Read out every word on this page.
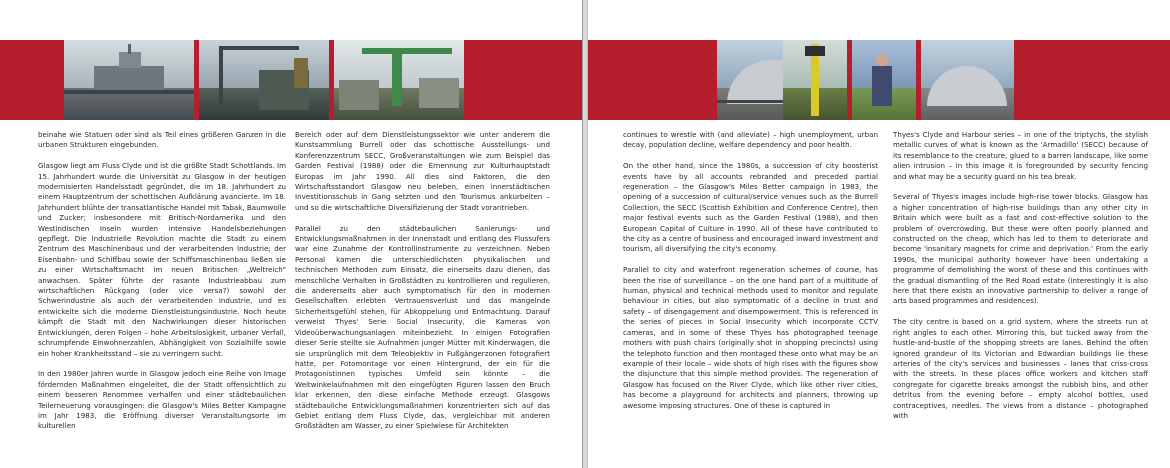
beinahe wie Statuen oder sind als Teil eines größeren Ganzen in die urbanen Strukturen eingebunden.

Glasgow liegt am Fluss Clyde und ist die größte Stadt Schottlands. Im 15. Jahrhundert wurde die Universität zu Glasgow in der heutigen modernisierten Handelsstadt gegründet, die im 18. Jahrhundert zu einem Hauptzentrum der schottischen Aufklärung avancierte. Im 18. Jahrhundert blühte der transatlantische Handel mit Tabak, Baumwolle und Zucker; insbesondere mit Britisch-Nordamerika und den Westindischen Inseln wurden intensive Handelsbeziehungen gepflegt. Die Industrielle Revolution machte die Stadt zu einem Zentrum des Maschinenbaus und der verarbeitenden Industrie; der Eisenbahn- und Schiffbau sowie der Schiffsmaschinenbau ließen sie zu einer Wirtschaftsmacht im neuen Britischen „Weltreich" anwachsen. Später führte der rasante Industrieabbau zum wirtschaftlichen Rückgang (oder vice versa?) sowohl der Schwerindustrie als auch der verarbeitenden Industrie, und es entwickelte sich die moderne Dienstleistungsindustrie. Noch heute kämpft die Stadt mit den Nachwirkungen dieser historischen Entwicklungen, deren Folgen – hohe Arbeitslosigkeit, urbaner Verfall, schrumpfende Einwohnerzahlen, Abhängigkeit von Sozialhilfe sowie ein hoher Krankheitsstand – sie zu verringern sucht.

In den 1980er Jahren wurde in Glasgow jedoch eine Reihe von Image fördernden Maßnahmen eingeleitet, die der Stadt offensichtlich zu einem besseren Renommee verhalfen und einer städtebaulichen Teilerneuerung vorausgingen: die Glasgow's Miles Better Kampagne im Jahr 1983, die Eröffnung diverser Veranstaltungsorte im kulturellen

Bereich oder auf dem Dienstleistungssektor wie unter anderem die Kunstsammlung Burrell oder das schottische Ausstellungs- und Konferenzzentrum SECC, Großveranstaltungen wie zum Beispiel das Garden Festival (1988) oder die Ernennung zur Kulturhauptstadt Europas im Jahr 1990. All dies sind Faktoren, die den Wirtschaftsstandort Glasgow neu beleben, einen innerstädtischen Investitionsschub in Gang setzten und den Tourismus ankurbelten – und so die wirtschaftliche Diversifizierung der Stadt vorantrieben.

Parallel zu den städtebaulichen Sanierungs- und Entwicklungsmaßnahmen in der Innenstadt und entlang des Flussufers war eine Zunahme der Kontrollinstrumente zu verzeichnen. Neben Personal kamen die unterschiedlichsten physikalischen und technischen Methoden zum Einsatz, die einerseits dazu dienen, das menschliche Verhalten in Großstädten zu kontrollieren und regulieren, die andererseits aber auch symptomatisch für den in modernen Gesellschaften erlebten Vertrauensverlust und das mangelnde Sicherheitsgefühl stehen, für Abkoppelung und Entmachtung. Darauf verweist Thyes' Serie Social Insecurity, die Kameras von Videoüberwachungsanlagen miteinbezieht. In einigen Fotografien dieser Serie stellte sie Aufnahmen junger Mütter mit Kinderwagen, die sie ursprünglich mit dem Teleobjektiv in Fußgängerzonen fotografiert hatte, per Fotomontage vor einen Hintergrund, der ein für die Protagonistinnen typisches Umfeld sein könnte – die Weitwinkelaufnahmen mit den eingefügten Figuren lassen den Bruch klar erkennen, den diese einfache Methode erzeugt. Glasgows städtebauliche Entwicklungsmaßnahmen konzentrierten sich auf das Gebiet entlang dem Fluss Clyde, das, vergleichbar mit anderen Großstädten am Wasser, zu einer Spielwiese für Architekten

continues to wrestle with (and alleviate) – high unemployment, urban decay, population decline, welfare dependency and poor health.

On the other hand, since the 1980s, a succession of city boosterist events have by all accounts rebranded and preceded partial regeneration – the Glasgow's Miles Better campaign in 1983, the opening of a succession of cultural/service venues such as the Burrell Collection, the SECC (Scottish Exhibition and Conference Centre), then major festival events such as the Garden Festival (1988), and then European Capital of Culture in 1990. All of these have contributed to the city as a centre of business and encouraged inward investment and tourism, all diversifying the city's economy.

Parallel to city and waterfront regeneration schemes of course, has been the rise of surveillance – on the one hand part of a multitude of human, physical and technical methods used to monitor and regulate behaviour in cities, but also symptomatic of a decline in trust and safety – of disengagement and disempowerment. This is referenced in the series of pieces in Social Insecurity which incorporate CCTV cameras, and in some of these Thyes has photographed teenage mothers with push chairs (originally shot in shopping precincts) using the telephoto function and then montaged these onto what may be an example of their locale – wide shots of high rises with the figures show the disjuncture that this simple method provides. The regeneration of Glasgow has focused on the River Clyde, which like other river cities, has become a playground for architects and planners, throwing up awesome imposing structures. One of these is captured in

Thyes's Clyde and Harbour series – in one of the triptychs, the stylish metallic curves of what is known as the 'Armadillo' (SECC) because of its resemblance to the creature, glued to a barren landscape, like some alien intrusion – in this image it is foregrounded by security fencing and what may be a security guard on his tea break.

Several of Thyes's images include high-rise tower blocks. Glasgow has a higher concentration of high-rise buildings than any other city in Britain which were built as a fast and cost-effective solution to the problem of overcrowding. But these were often poorly planned and constructed on the cheap, which has led to them to deteriorate and become 'insanitary magnets for crime and deprivation.' From the early 1990s, the municipal authority however have been undertaking a programme of demolishing the worst of these and this continues with the gradual dismantling of the Red Road estate (interestingly it is also here that there exists an innovative partnership to deliver a range of arts based programmes and residences).

The city centre is based on a grid system, where the streets run at right angles to each other. Mirroring this, but tucked away from the hustle-and-bustle of the shopping streets are lanes. Behind the often ignored grandeur of its Victorian and Edwardian buildings lie these arteries of the city's services and businesses – lanes that criss-cross with the streets. In these places office workers and kitchen staff congregate for cigarette breaks amongst the rubbish bins, and other detritus from the evening before – empty alcohol bottles, used contraceptives, needles. The views from a distance – photographed with
